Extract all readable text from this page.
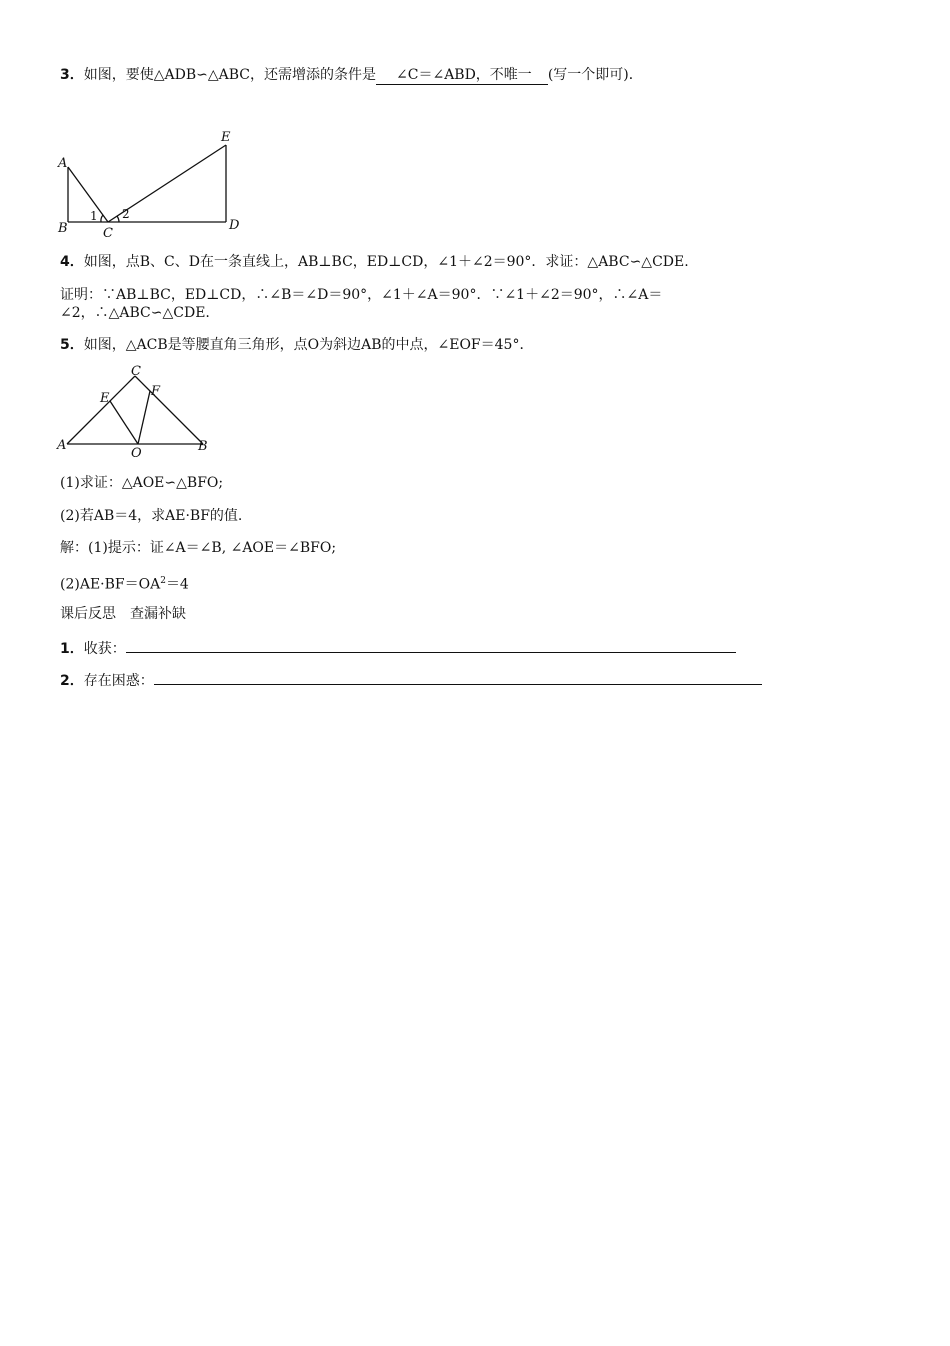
3．如图，要使△ADB∽△ABC，还需增添的条件是 ∠C＝∠ABD，不唯一 (写一个即可)．
A
B	C
D
E
1 2
4．如图，点B、C、D在一条直线上，AB⊥BC，ED⊥CD，∠1＋∠2＝90°．求证：△ABC∽△CDE.
证明：∵AB⊥BC，ED⊥CD，∴∠B＝∠D＝90°，∠1＋∠A＝90°．∵∠1＋∠2＝90°，∴∠A＝
∠2，∴△ABC∽△CDE.
5．如图，△ACB是等腰直角三角形，点O为斜边AB的中点，∠EOF＝45°．
A	B
C
E	F
O
(1)求证：△AOE∽△BFO;
(2)若AB＝4，求AE·BF的值.
解：(1)提示：证∠A＝∠B, ∠AOE＝∠BFO;
$(2)AE\cdot BF=OA^2=4$
课后反思　查漏补缺
1．收获：
2．存在困惑：
